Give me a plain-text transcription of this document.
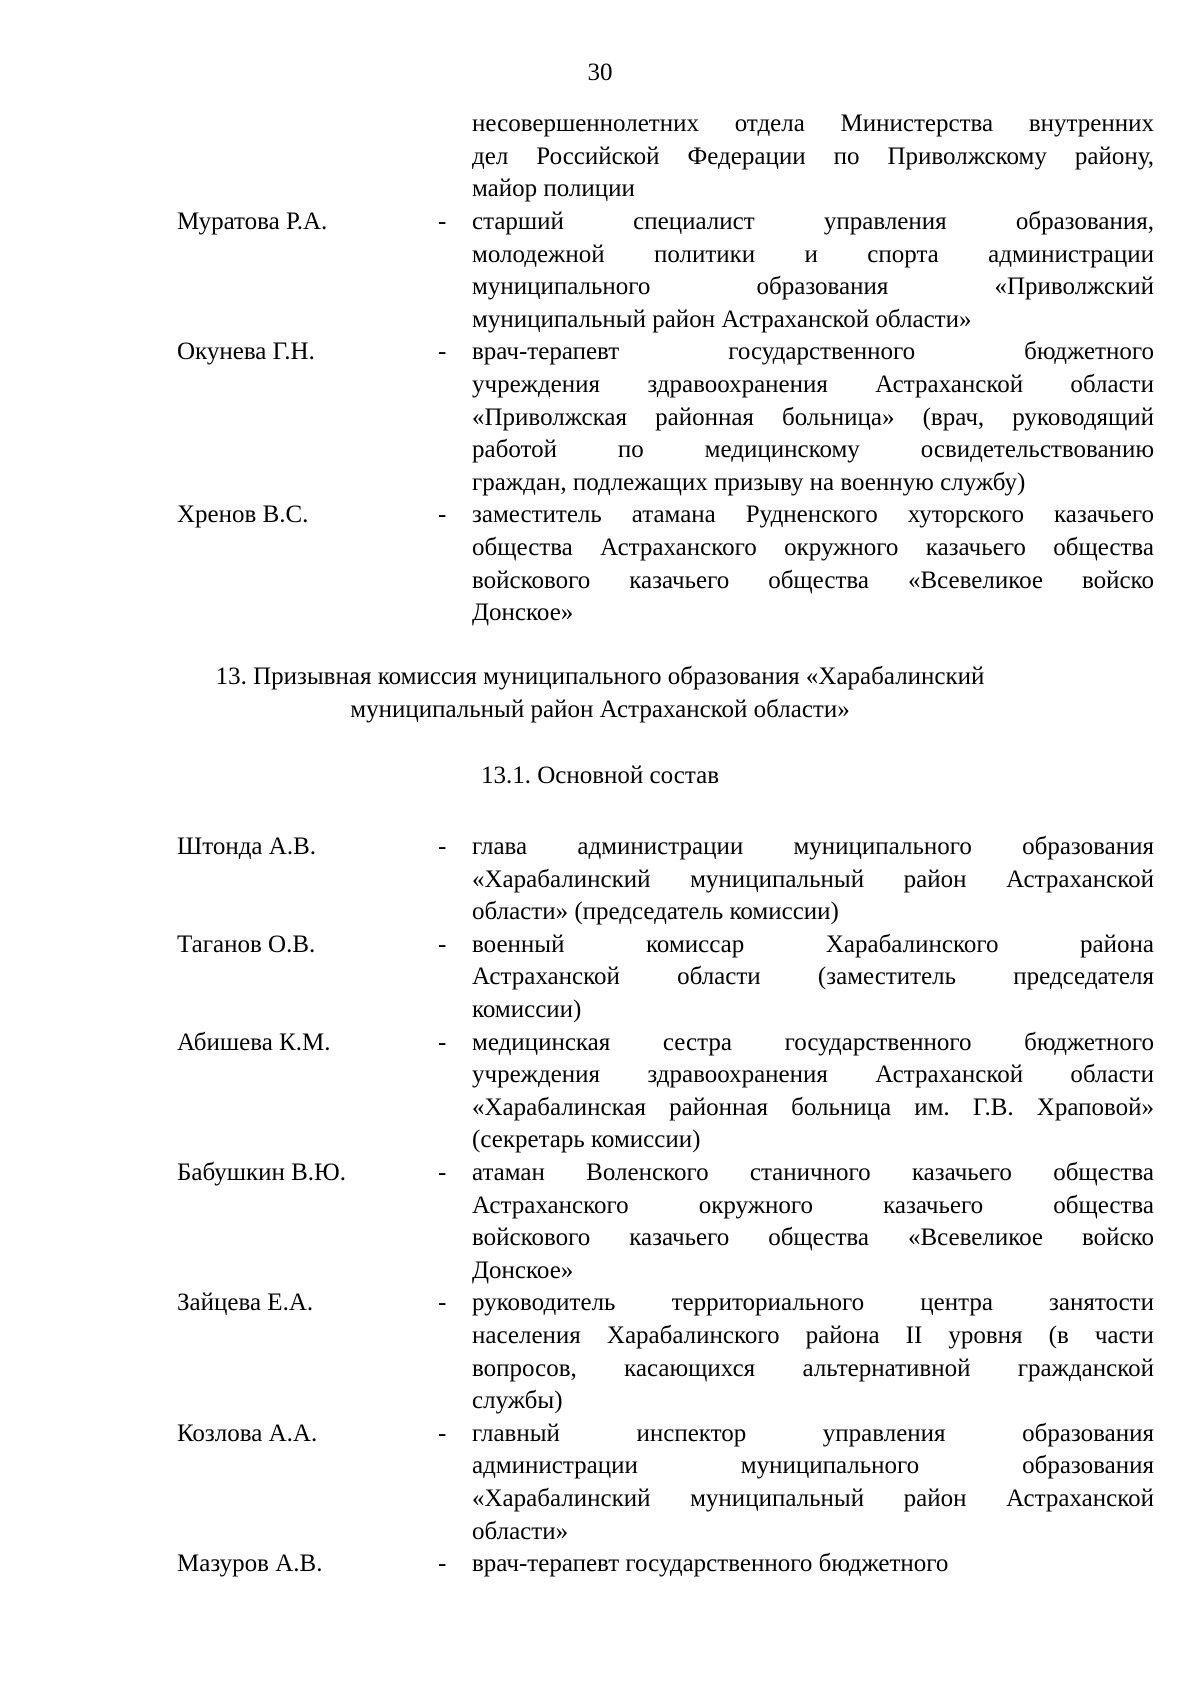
30
несовершеннолетних отдела Министерства внутренних
дел Российской Федерации по Приволжскому району,
майор полиции
Муратова Р.А.	- старший	специалист	управления	образования,
молодежной политики и спорта администрации
муниципального	образования	«Приволжский
муниципальный район Астраханской области»
Окунева Г.Н.	- врач-терапевт	государственного	бюджетного
учреждения здравоохранения Астраханской области
«Приволжская районная больница» (врач, руководящий
работой по медицинскому освидетельствованию
граждан, подлежащих призыву на военную службу)
Хренов В.С.	- заместитель атамана Рудненского хуторского казачьего
общества Астраханского окружного казачьего общества
войскового казачьего общества «Всевеликое войско
Донское»
13. Призывная комиссия муниципального образования «Харабалинский
муниципальный район Астраханской области»
13.1. Основной состав
Штонда А.В.	- глава администрации муниципального образования
«Харабалинский муниципальный район Астраханской
области» (председатель комиссии)
Таганов О.В.	- военный	комиссар	Харабалинского	района
Астраханской области (заместитель председателя
комиссии)
Абишева К.М.	- медицинская сестра государственного бюджетного
учреждения здравоохранения Астраханской области
«Харабалинская районная больница им. Г.В. Храповой»
(секретарь комиссии)
Бабушкин В.Ю.	- атаман Воленского станичного казачьего общества
Астраханского	окружного	казачьего	общества
войскового казачьего общества «Всевеликое войско
Донское»
Зайцева Е.А.	- руководитель территориального центра занятости
населения Харабалинского района II уровня (в части
вопросов, касающихся альтернативной гражданской
службы)
Козлова А.А.	- главный	инспектор	управления	образования
администрации	муниципального	образования
«Харабалинский муниципальный район Астраханской
области»
Мазуров А.В.	- врач-терапевт государственного бюджетного
